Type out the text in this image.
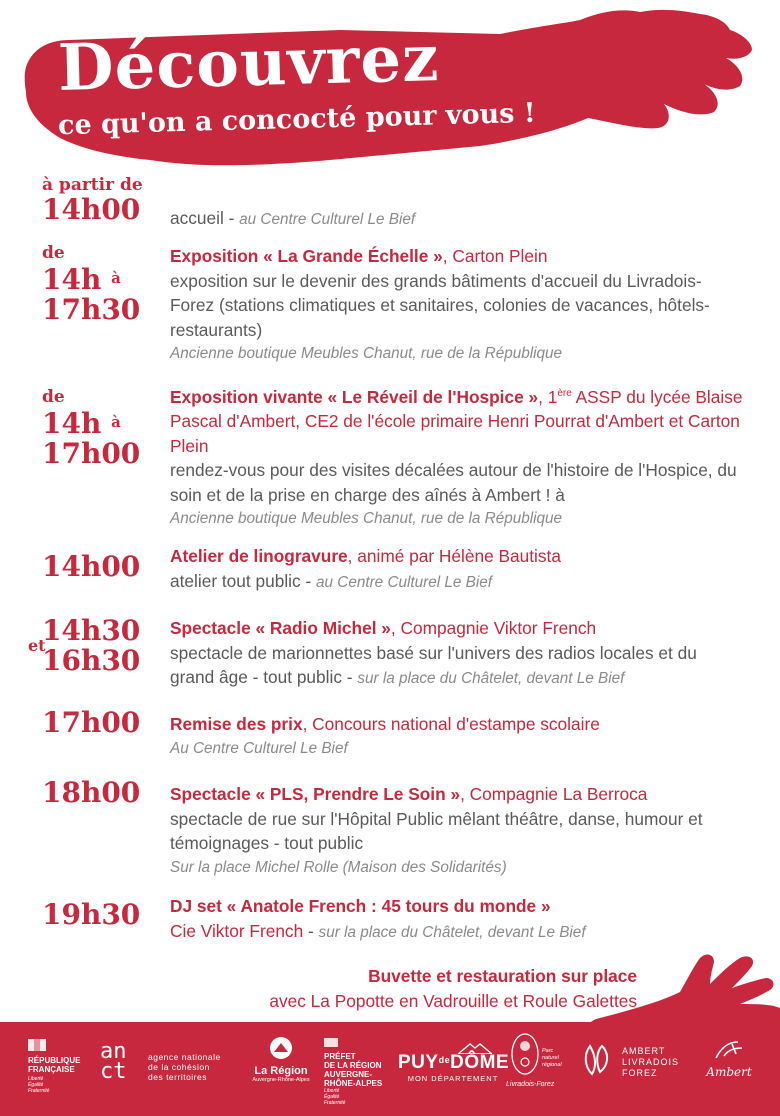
Découvrez
ce qu'on a concocté pour vous !
à partir de
14h00	accueil - au Centre Culturel Le Bief
de
14h $^à$
17h30
Exposition « La Grande Échelle », Carton Plein
exposition sur le devenir des grands bâtiments d'accueil du Livradois-Forez (stations climatiques et sanitaires, colonies de vacances, hôtels-restaurants)
Ancienne boutique Meubles Chanut, rue de la République
de
14h $^à$
17h00
Exposition vivante « Le Réveil de l'Hospice », 1ère ASSP du lycée Blaise Pascal d'Ambert, CE2 de l'école primaire Henri Pourrat d'Ambert et Carton Plein
rendez-vous pour des visites décalées autour de l'histoire de l'Hospice, du soin et de la prise en charge des aînés à Ambert ! à
Ancienne boutique Meubles Chanut, rue de la République
14h00	Atelier de linogravure, animé par Hélène Bautista
atelier tout public - au Centre Culturel Le Bief
14h30
et
16h30
Spectacle « Radio Michel », Compagnie Viktor French
spectacle de marionnettes basé sur l'univers des radios locales et du grand âge - tout public - sur la place du Châtelet, devant Le Bief
17h00	Remise des prix, Concours national d'estampe scolaire
Au Centre Culturel Le Bief
18h00	Spectacle « PLS, Prendre Le Soin », Compagnie La Berroca
spectacle de rue sur l'Hôpital Public mêlant théâtre, danse, humour et témoignages - tout public
Sur la place Michel Rolle (Maison des Solidarités)
19h30	DJ set « Anatole French : 45 tours du monde »
Cie Viktor French - sur la place du Châtelet, devant Le Bief
Buvette et restauration sur place
avec La Popotte en Vadrouille et Roule Galettes
RÉPUBLIQUE
FRANÇAISE
Liberté
Égalité
Fraternité
an
ct
agence nationale
de la cohésion
des territoires	La Région
Auvergne-Rhône-Alpes
PRÉFET
DE LA RÉGION
AUVERGNE-
RHÔNE-ALPES
Liberté
Égalité
Fraternité
$PUY^{de}DÔME$
MON DÉPARTEMENT
Parc
naturel
régional
Livradois-Forez
AMBERT
LIVRADOIS
FOREZ	Ambert
